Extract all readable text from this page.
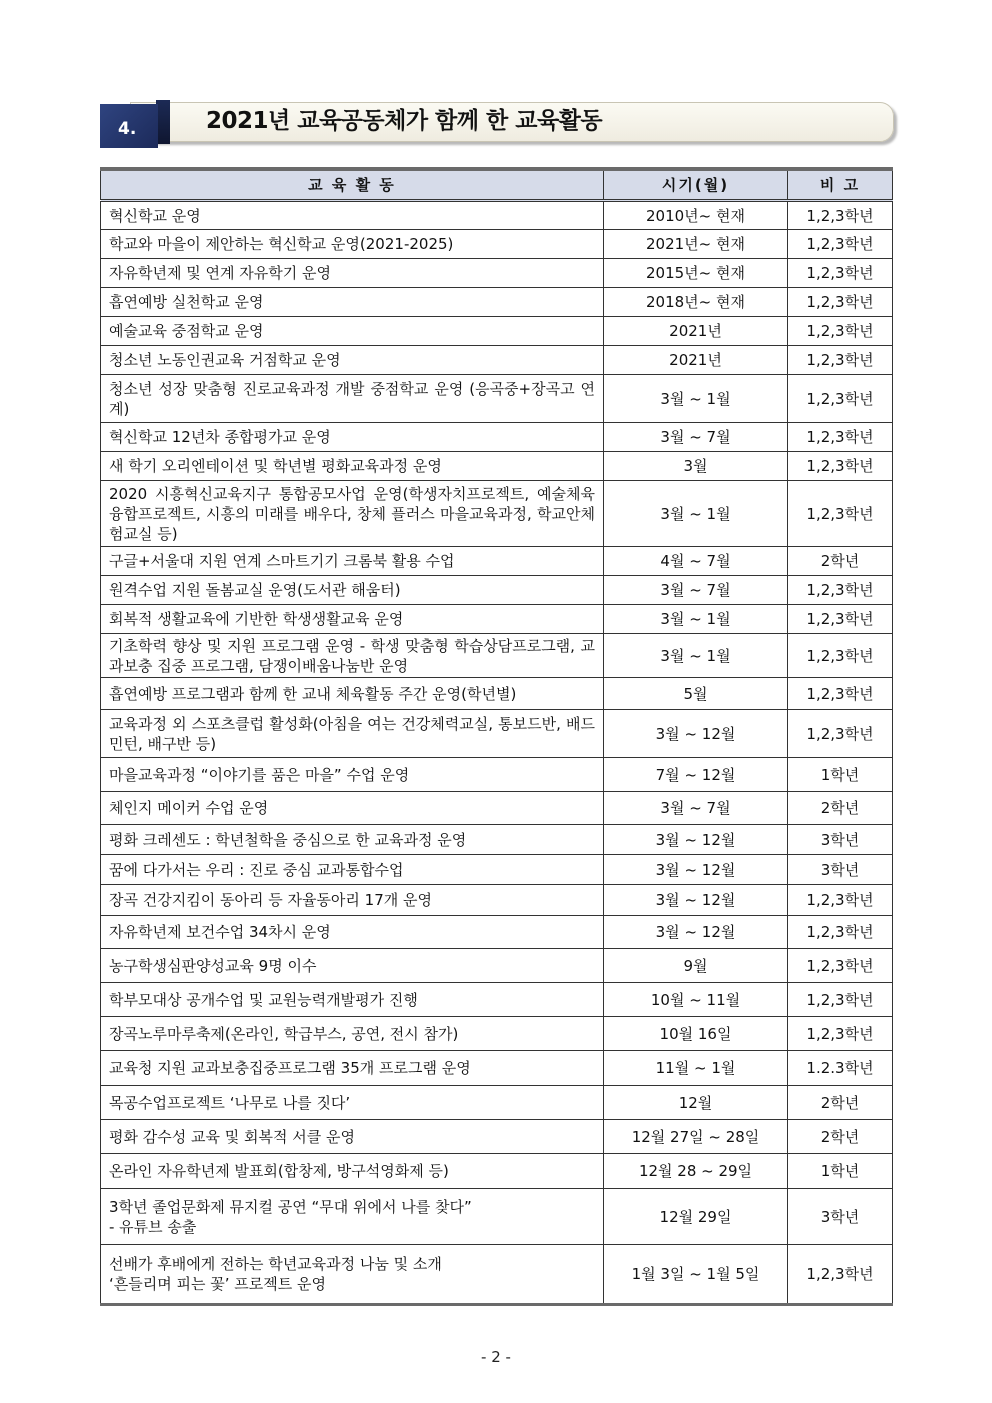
4.	2021년 교육공동체가 함께 한 교육활동
교 육 활 동	시기(월)	비 고
혁신학교 운영	2010년~ 현재	1,2,3학년
학교와 마을이 제안하는 혁신학교 운영(2021-2025)	2021년~ 현재	1,2,3학년
자유학년제 및 연계 자유학기 운영	2015년~ 현재	1,2,3학년
흡연예방 실천학교 운영	2018년~ 현재	1,2,3학년
예술교육 중점학교 운영	2021년	1,2,3학년
청소년 노동인권교육 거점학교 운영	2021년	1,2,3학년
청소년 성장 맞춤형 진로교육과정 개발 중점학교 운영 (응곡중+장곡고 연계)	3월 ~ 1월	1,2,3학년
혁신학교 12년차 종합평가교 운영	3월 ~ 7월	1,2,3학년
새 학기 오리엔테이션 및 학년별 평화교육과정 운영	3월	1,2,3학년
2020 시흥혁신교육지구 통합공모사업 운영(학생자치프로젝트, 예술체육융합프로젝트, 시흥의 미래를 배우다, 창체 플러스 마을교육과정, 학교안체험교실 등)	3월 ~ 1월	1,2,3학년
구글+서울대 지원 연계 스마트기기 크롬북 활용 수업	4월 ~ 7월	2학년
원격수업 지원 돌봄교실 운영(도서관 해움터)	3월 ~ 7월	1,2,3학년
회복적 생활교육에 기반한 학생생활교육 운영	3월 ~ 1월	1,2,3학년
기초학력 향상 및 지원 프로그램 운영 - 학생 맞춤형 학습상담프로그램, 교과보충 집중 프로그램, 담쟁이배움나눔반 운영	3월 ~ 1월	1,2,3학년
흡연예방 프로그램과 함께 한 교내 체육활동 주간 운영(학년별)	5월	1,2,3학년
교육과정 외 스포츠클럽 활성화(아침을 여는 건강체력교실, 통보드반, 배드민턴, 배구반 등)	3월 ~ 12월	1,2,3학년
마을교육과정 “이야기를 품은 마을” 수업 운영	7월 ~ 12월	1학년
체인지 메이커 수업 운영	3월 ~ 7월	2학년
평화 크레센도 : 학년철학을 중심으로 한 교육과정 운영	3월 ~ 12월	3학년
꿈에 다가서는 우리 : 진로 중심 교과통합수업	3월 ~ 12월	3학년
장곡 건강지킴이 동아리 등 자율동아리 17개 운영	3월 ~ 12월	1,2,3학년
자유학년제 보건수업 34차시 운영	3월 ~ 12월	1,2,3학년
농구학생심판양성교육 9명 이수	9월	1,2,3학년
학부모대상 공개수업 및 교원능력개발평가 진행	10월 ~ 11월	1,2,3학년
장곡노루마루축제(온라인, 학급부스, 공연, 전시 참가)	10월 16일	1,2,3학년
교육청 지원 교과보충집중프로그램 35개 프로그램 운영	11월 ~ 1월	1.2.3학년
목공수업프로젝트 ‘나무로 나를 짓다’	12월	2학년
평화 감수성 교육 및 회복적 서클 운영	12월 27일 ~ 28일	2학년
온라인 자유학년제 발표회(합창제, 방구석영화제 등)	12월 28 ~ 29일	1학년

3학년 졸업문화제 뮤지컬 공연 “무대 위에서 나를 찾다”
- 유튜브 송출	12월 29일	3학년

선배가 후배에게 전하는 학년교육과정 나눔 및 소개
‘흔들리며 피는 꽃’ 프로젝트 운영	1월 3일 ~ 1월 5일	1,2,3학년
- 2 -
